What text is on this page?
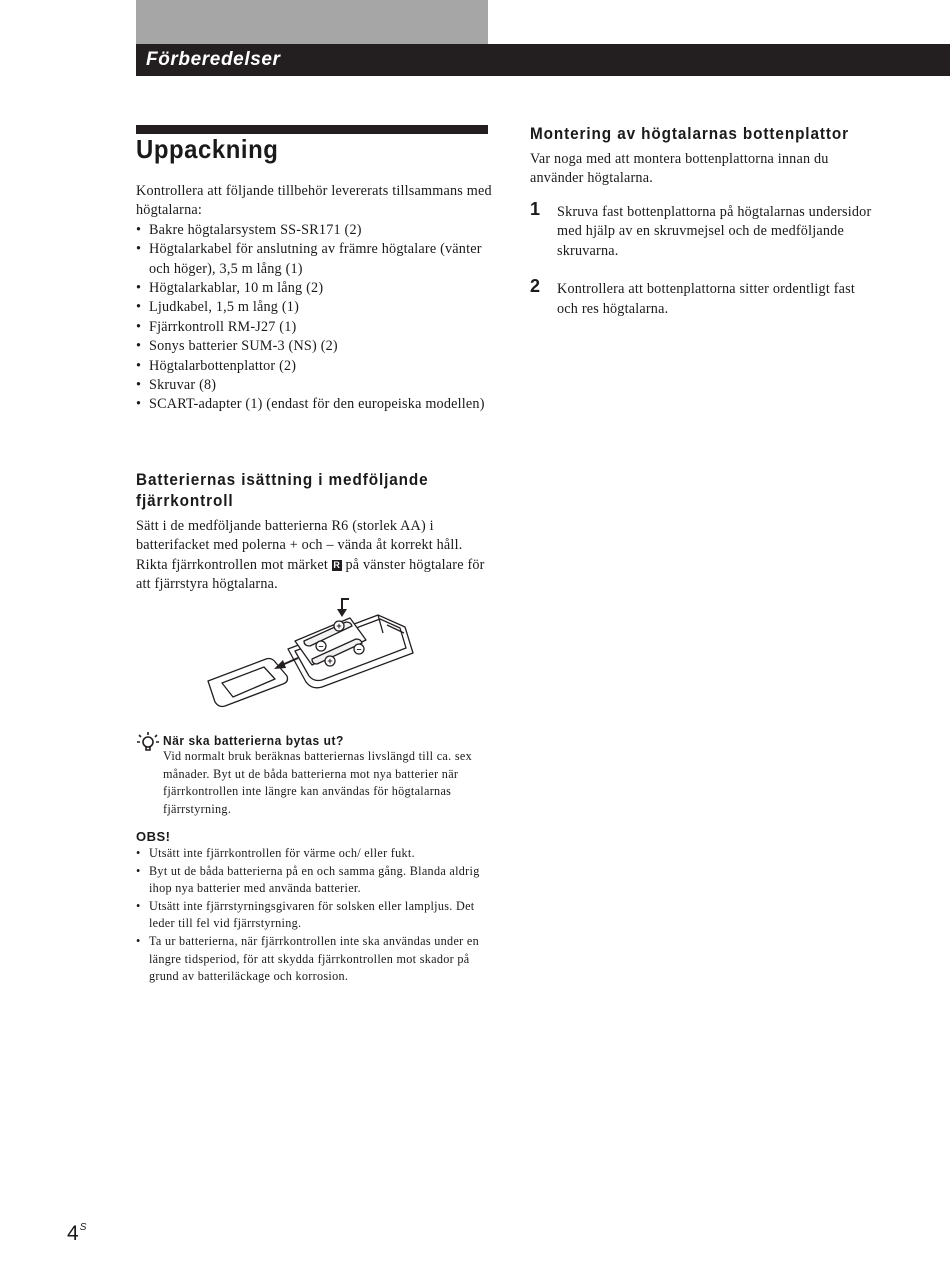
Förberedelser
Uppackning
Kontrollera att följande tillbehör levererats tillsammans med högtalarna:
• Bakre högtalarsystem SS-SR171 (2)
• Högtalarkabel för anslutning av främre högtalare (vänter och höger), 3,5 m lång (1)
• Högtalarkablar, 10 m lång (2)
• Ljudkabel, 1,5 m lång (1)
• Fjärrkontroll RM-J27 (1)
• Sonys batterier SUM-3 (NS) (2)
• Högtalarbottenplattor (2)
• Skruvar (8)
• SCART-adapter (1) (endast för den europeiska modellen)
Batteriernas isättning i medföljande fjärrkontroll
Sätt i de medföljande batterierna R6 (storlek AA) i batterifacket med polerna + och – vända åt korrekt håll. Rikta fjärrkontrollen mot märket R på vänster högtalare för att fjärrstyra högtalarna.
+
–	–
+
När ska batterierna bytas ut?
Vid normalt bruk beräknas batteriernas livslängd till ca. sex månader. Byt ut de båda batterierna mot nya batterier när fjärrkontrollen inte längre kan användas för högtalarnas fjärrstyrning.
OBS!
• Utsätt inte fjärrkontrollen för värme och/ eller fukt.
• Byt ut de båda batterierna på en och samma gång. Blanda aldrig ihop nya batterier med använda batterier.
• Utsätt inte fjärrstyrningsgivaren för solsken eller lampljus. Det leder till fel vid fjärrstyrning.
• Ta ur batterierna, när fjärrkontrollen inte ska användas under en längre tidsperiod, för att skydda fjärrkontrollen mot skador på grund av batteriläckage och korrosion.
Montering av högtalarnas bottenplattor
Var noga med att montera bottenplattorna innan du använder högtalarna.
1 Skruva fast bottenplattorna på högtalarnas undersidor med hjälp av en skruvmejsel och de medföljande skruvarna.
2 Kontrollera att bottenplattorna sitter ordentligt fast och res högtalarna.
$4^S$
